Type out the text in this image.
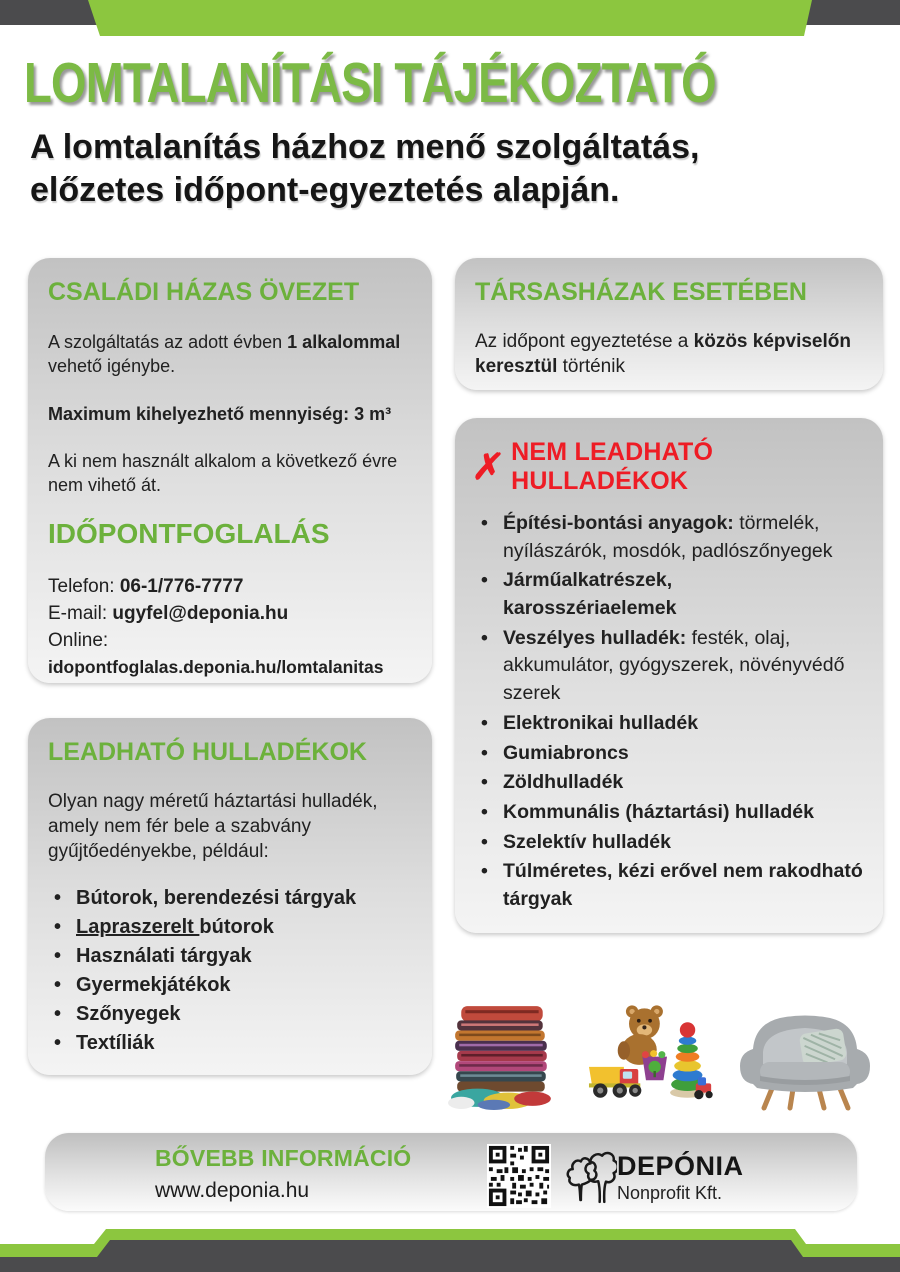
LOMTALANÍTÁSI TÁJÉKOZTATÓ
A lomtalanítás házhoz menő szolgáltatás,
előzetes időpont-egyeztetés alapján.
CSALÁDI HÁZAS ÖVEZET
A szolgáltatás az adott évben 1 alkalommal vehető igénybe.
Maximum kihelyezhető mennyiség: 3 m³
A ki nem használt alkalom a következő évre nem vihető át.
IDŐPONTFOGLALÁS
Telefon: 06-1/776-7777
E-mail: ugyfel@deponia.hu
Online:
idopontfoglalas.deponia.hu/lomtalanitas
TÁRSASHÁZAK ESETÉBEN
Az időpont egyeztetése a közös képviselőn keresztül történik
✗ NEM LEADHATÓ HULLADÉKOK
• Építési-bontási anyagok: törmelék, nyílászárók, mosdók, padlószőnyegek
• Járműalkatrészek,
karosszériaelemek
• Veszélyes hulladék: festék, olaj, akkumulátor, gyógyszerek, növényvédő szerek
• Elektronikai hulladék
• Gumiabroncs
• Zöldhulladék
• Kommunális (háztartási) hulladék
• Szelektív hulladék
• Túlméretes, kézi erővel nem rakodható tárgyak
LEADHATÓ HULLADÉKOK
Olyan nagy méretű háztartási hulladék, amely nem fér bele a szabvány gyűjtőedényekbe, például:
• Bútorok, berendezési tárgyak
• Lapraszerelt bútorok
• Használati tárgyak
• Gyermekjátékok
• Szőnyegek
• Textíliák
BŐVEBB INFORMÁCIÓ
www.deponia.hu
DEPÓNIA
Nonprofit Kft.
